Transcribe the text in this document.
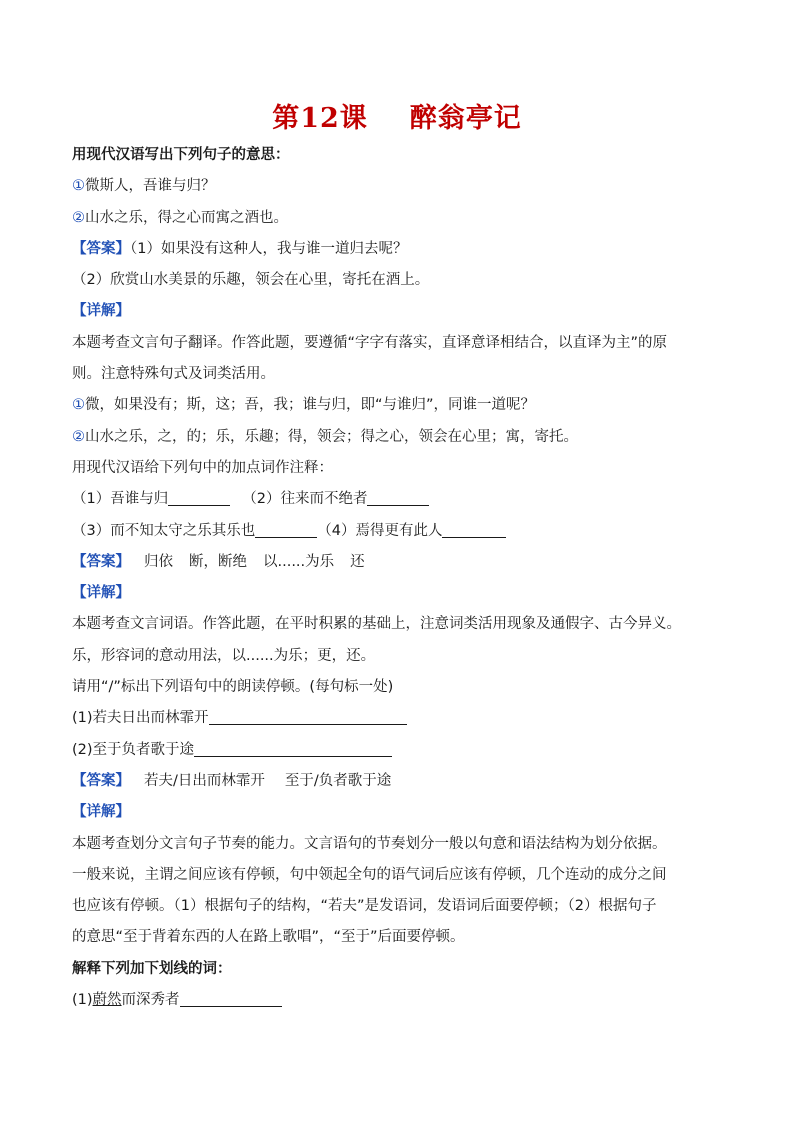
第12课 醉翁亭记
用现代汉语写出下列句子的意思：
①微斯人，吾谁与归？
②山水之乐，得之心而寓之酒也。
【答案】（1）如果没有这种人，我与谁一道归去呢？
（2）欣赏山水美景的乐趣，领会在心里，寄托在酒上。
【详解】
本题考查文言句子翻译。作答此题，要遵循“字字有落实，直译意译相结合，以直译为主”的原
则。注意特殊句式及词类活用。
①微，如果没有；斯，这；吾，我；谁与归，即“与谁归”，同谁一道呢？
②山水之乐，之，的；乐，乐趣；得，领会；得之心，领会在心里；寓，寄托。
用现代汉语给下列句中的加点词作注释：
（1）吾谁与归	（2）往来而不绝者
（3）而不知太守之乐其乐也	（4）焉得更有此人
【答案】 归依 断，断绝 以......为乐 还
【详解】
本题考查文言词语。作答此题，在平时积累的基础上，注意词类活用现象及通假字、古今异义。
乐，形容词的意动用法，以......为乐；更，还。
请用“/”标出下列语句中的朗读停顿。(每句标一处)
(1)若夫日出而林霏开
(2)至于负者歌于途
【答案】 若夫/日出而林霏开 至于/负者歌于途
【详解】
本题考查划分文言句子节奏的能力。文言语句的节奏划分一般以句意和语法结构为划分依据。
一般来说，主谓之间应该有停顿，句中领起全句的语气词后应该有停顿，几个连动的成分之间
也应该有停顿。（1）根据句子的结构，“若夫”是发语词，发语词后面要停顿；（2）根据句子
的意思“至于背着东西的人在路上歌唱”，“至于”后面要停顿。
解释下列加下划线的词：
(1)蔚然而深秀者
